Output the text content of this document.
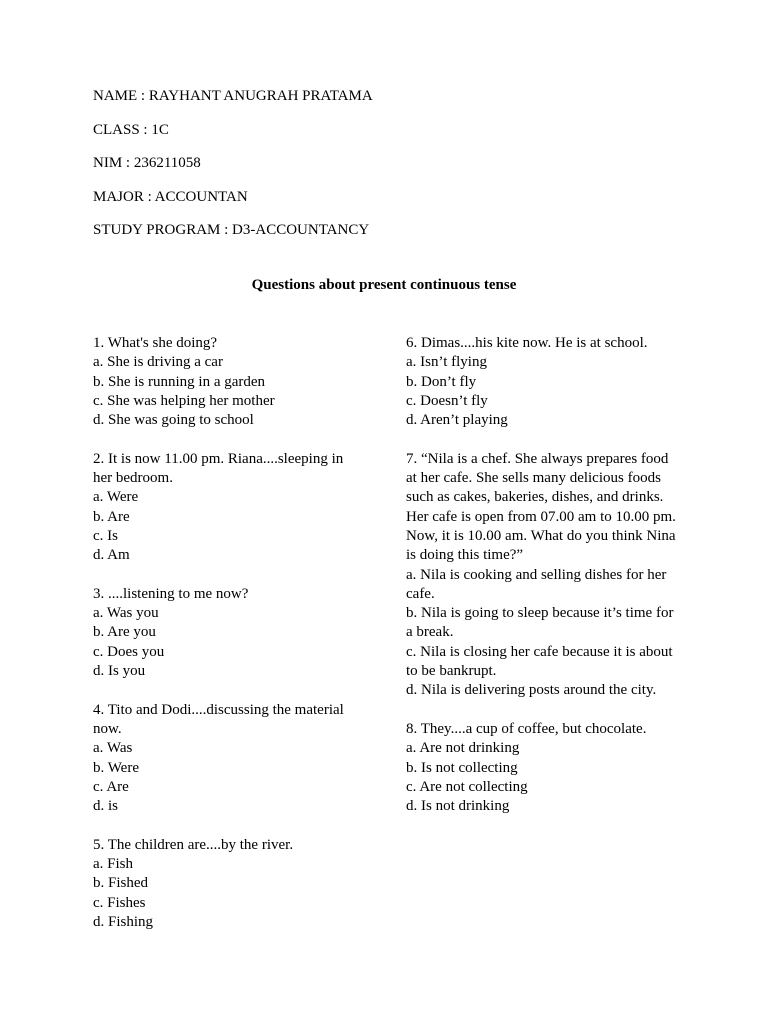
NAME : RAYHANT ANUGRAH PRATAMA
CLASS : 1C
NIM : 236211058
MAJOR : ACCOUNTAN
STUDY PROGRAM : D3-ACCOUNTANCY
Questions about present continuous tense
1. What's she doing?
a. She is driving a car
b. She is running in a garden
c. She was helping her mother
d. She was going to school
2. It is now 11.00 pm. Riana....sleeping in her bedroom.
a. Were
b. Are
c. Is
d. Am
3. ....listening to me now?
a. Was you
b. Are you
c. Does you
d. Is you
4. Tito and Dodi....discussing the material now.
a. Was
b. Were
c. Are
d. is
5. The children are....by the river.
a. Fish
b. Fished
c. Fishes
d. Fishing
6. Dimas....his kite now. He is at school.
a. Isn’t flying
b. Don’t fly
c. Doesn’t fly
d. Aren’t playing
7. “Nila is a chef. She always prepares food at her cafe. She sells many delicious foods such as cakes, bakeries, dishes, and drinks. Her cafe is open from 07.00 am to 10.00 pm. Now, it is 10.00 am. What do you think Nina is doing this time?”
a. Nila is cooking and selling dishes for her cafe.
b. Nila is going to sleep because it’s time for a break.
c. Nila is closing her cafe because it is about to be bankrupt.
d. Nila is delivering posts around the city.
8. They....a cup of coffee, but chocolate.
a. Are not drinking
b. Is not collecting
c. Are not collecting
d. Is not drinking
